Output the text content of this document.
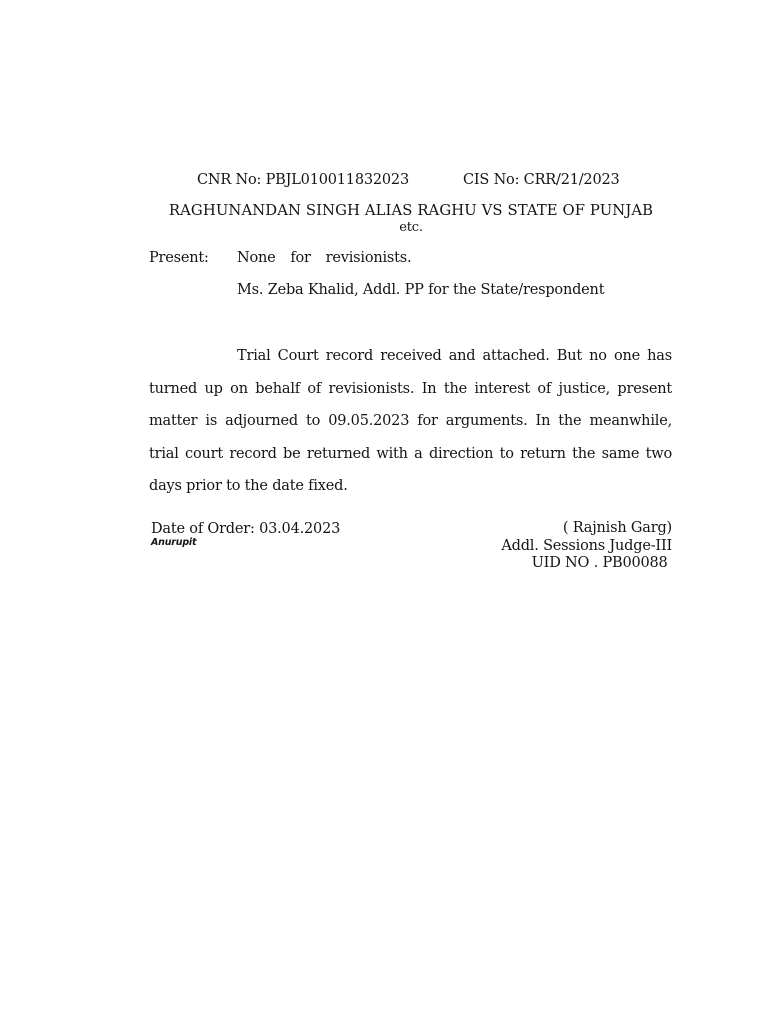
CNR No: PBJL010011832023	CIS No: CRR/21/2023
RAGHUNANDAN SINGH ALIAS RAGHU VS STATE OF PUNJAB
etc.
Present: None  for  revisionists.
Ms. Zeba Khalid, Addl. PP for the State/respondent

Trial Court record received and attached. But no one has turned up on behalf of revisionists. In the interest of justice, present matter is adjourned to 09.05.2023 for arguments. In the meanwhile, trial court record be returned with a direction to return the same two days prior to the date fixed.

Date of Order: 03.04.2023
Anurupit
( Rajnish Garg)
Addl. Sessions Judge-III
UID NO . PB00088
